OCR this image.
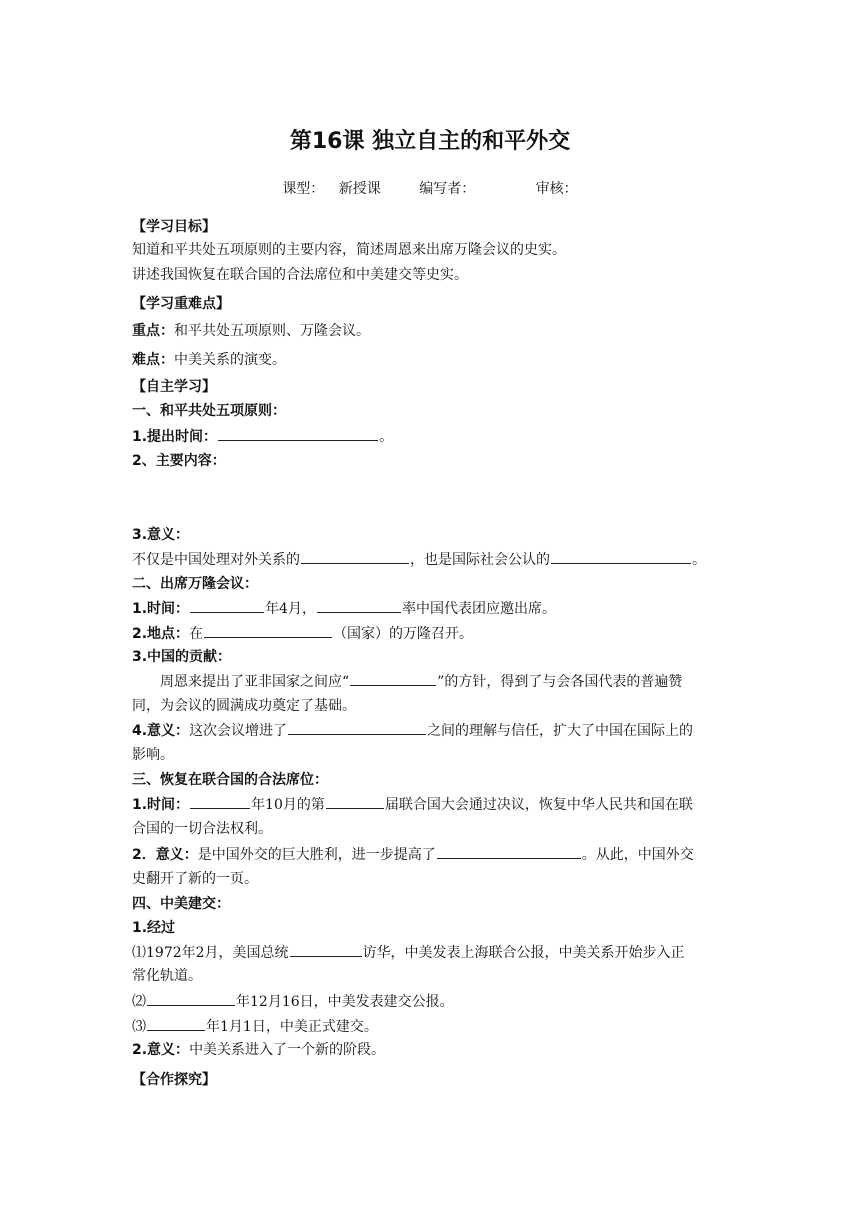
第16课 独立自主的和平外交
课型： 新授课	编写者：	审核：
【学习目标】
知道和平共处五项原则的主要内容，简述周恩来出席万隆会议的史实。
讲述我国恢复在联合国的合法席位和中美建交等史实。
【学习重难点】
重点：和平共处五项原则、万隆会议。
难点：中美关系的演变。
【自主学习】
一、和平共处五项原则：
1.提出时间：	。
2、主要内容：
3.意义：
不仅是中国处理对外关系的	，也是国际社会公认的	。
二、出席万隆会议：
1.时间：	年4月，	率中国代表团应邀出席。
2.地点：在	（国家）的万隆召开。
3.中国的贡献：
周恩来提出了亚非国家之间应“	”的方针，得到了与会各国代表的普遍赞
同，为会议的圆满成功奠定了基础。
4.意义：这次会议增进了	之间的理解与信任，扩大了中国在国际上的
影响。
三、恢复在联合国的合法席位：
1.时间：	年10月的第	届联合国大会通过决议，恢复中华人民共和国在联
合国的一切合法权利。
2．意义：是中国外交的巨大胜利，进一步提高了	。从此，中国外交
史翻开了新的一页。
四、中美建交：
1.经过
⑴1972年2月，美国总统	访华，中美发表上海联合公报，中美关系开始步入正
常化轨道。
⑵	年12月16日，中美发表建交公报。
⑶	年1月1日，中美正式建交。
2.意义：中美关系进入了一个新的阶段。
【合作探究】
